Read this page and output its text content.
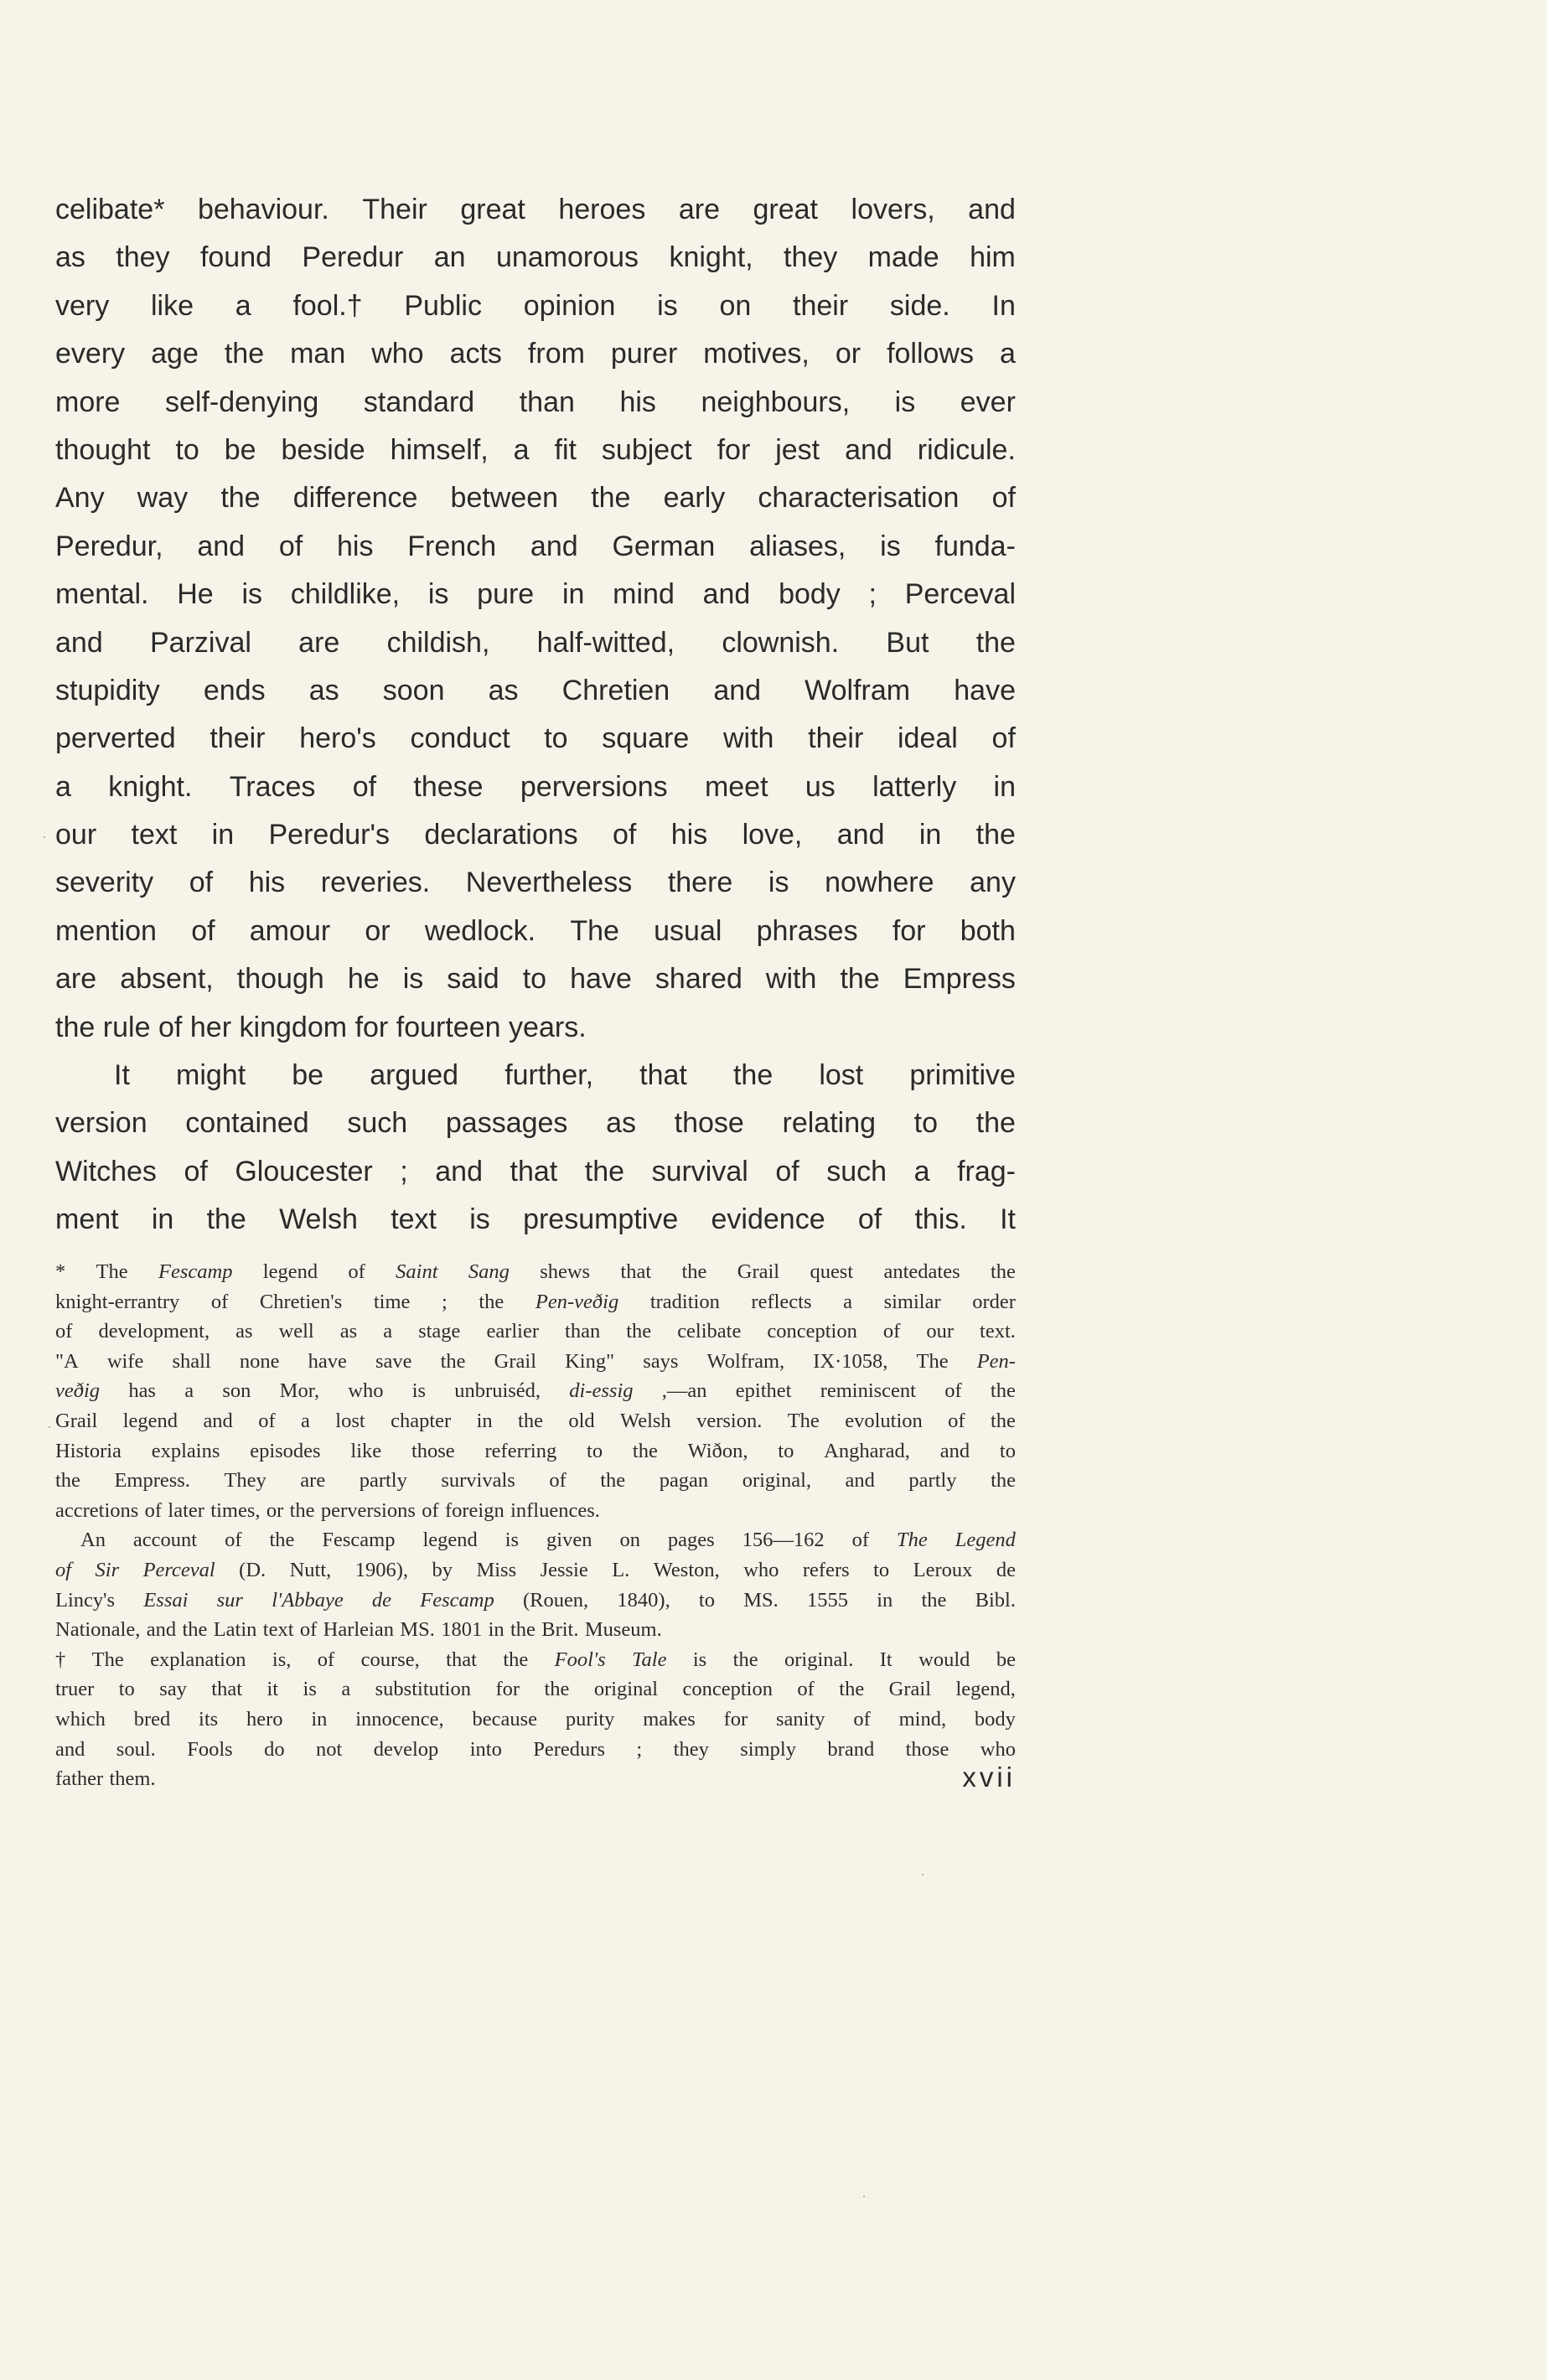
celibate* behaviour. Their great heroes are great lovers, and
as they found Peredur an unamorous knight, they made him
very like a fool.† Public opinion is on their side. In
every age the man who acts from purer motives, or follows a
more self-denying standard than his neighbours, is ever
thought to be beside himself, a fit subject for jest and ridicule.
Any way the difference between the early characterisation of
Peredur, and of his French and German aliases, is funda-
mental. He is childlike, is pure in mind and body ; Perceval
and Parzival are childish, half-witted, clownish. But the
stupidity ends as soon as Chretien and Wolfram have
perverted their hero's conduct to square with their ideal of
a knight. Traces of these perversions meet us latterly in
our text in Peredur's declarations of his love, and in the
severity of his reveries. Nevertheless there is nowhere any
mention of amour or wedlock. The usual phrases for both
are absent, though he is said to have shared with the Empress
the rule of her kingdom for fourteen years.
It might be argued further, that the lost primitive
version contained such passages as those relating to the
Witches of Gloucester ; and that the survival of such a frag-
ment in the Welsh text is presumptive evidence of this. It
* The Fescamp legend of Saint Sang shews that the Grail quest antedates the
knight-errantry of Chretien's time ; the Pen-veðig tradition reflects a similar order
of development, as well as a stage earlier than the celibate conception of our text.
"A wife shall none have save the Grail King" says Wolfram, IX·1058, The Pen-
veðig has a son Mor, who is unbruiséd, di-essig ,—an epithet reminiscent of the
Grail legend and of a lost chapter in the old Welsh version. The evolution of the
Historia explains episodes like those referring to the Wiðon, to Angharad, and to
the Empress. They are partly survivals of the pagan original, and partly the
accretions of later times, or the perversions of foreign influences.
An account of the Fescamp legend is given on pages 156—162 of The Legend
of Sir Perceval (D. Nutt, 1906), by Miss Jessie L. Weston, who refers to Leroux de
Lincy's Essai sur l'Abbaye de Fescamp (Rouen, 1840), to MS. 1555 in the Bibl.
Nationale, and the Latin text of Harleian MS. 1801 in the Brit. Museum.
† The explanation is, of course, that the Fool's Tale is the original. It would be
truer to say that it is a substitution for the original conception of the Grail legend,
which bred its hero in innocence, because purity makes for sanity of mind, body
and soul. Fools do not develop into Peredurs ; they simply brand those who
father them.	xvii
